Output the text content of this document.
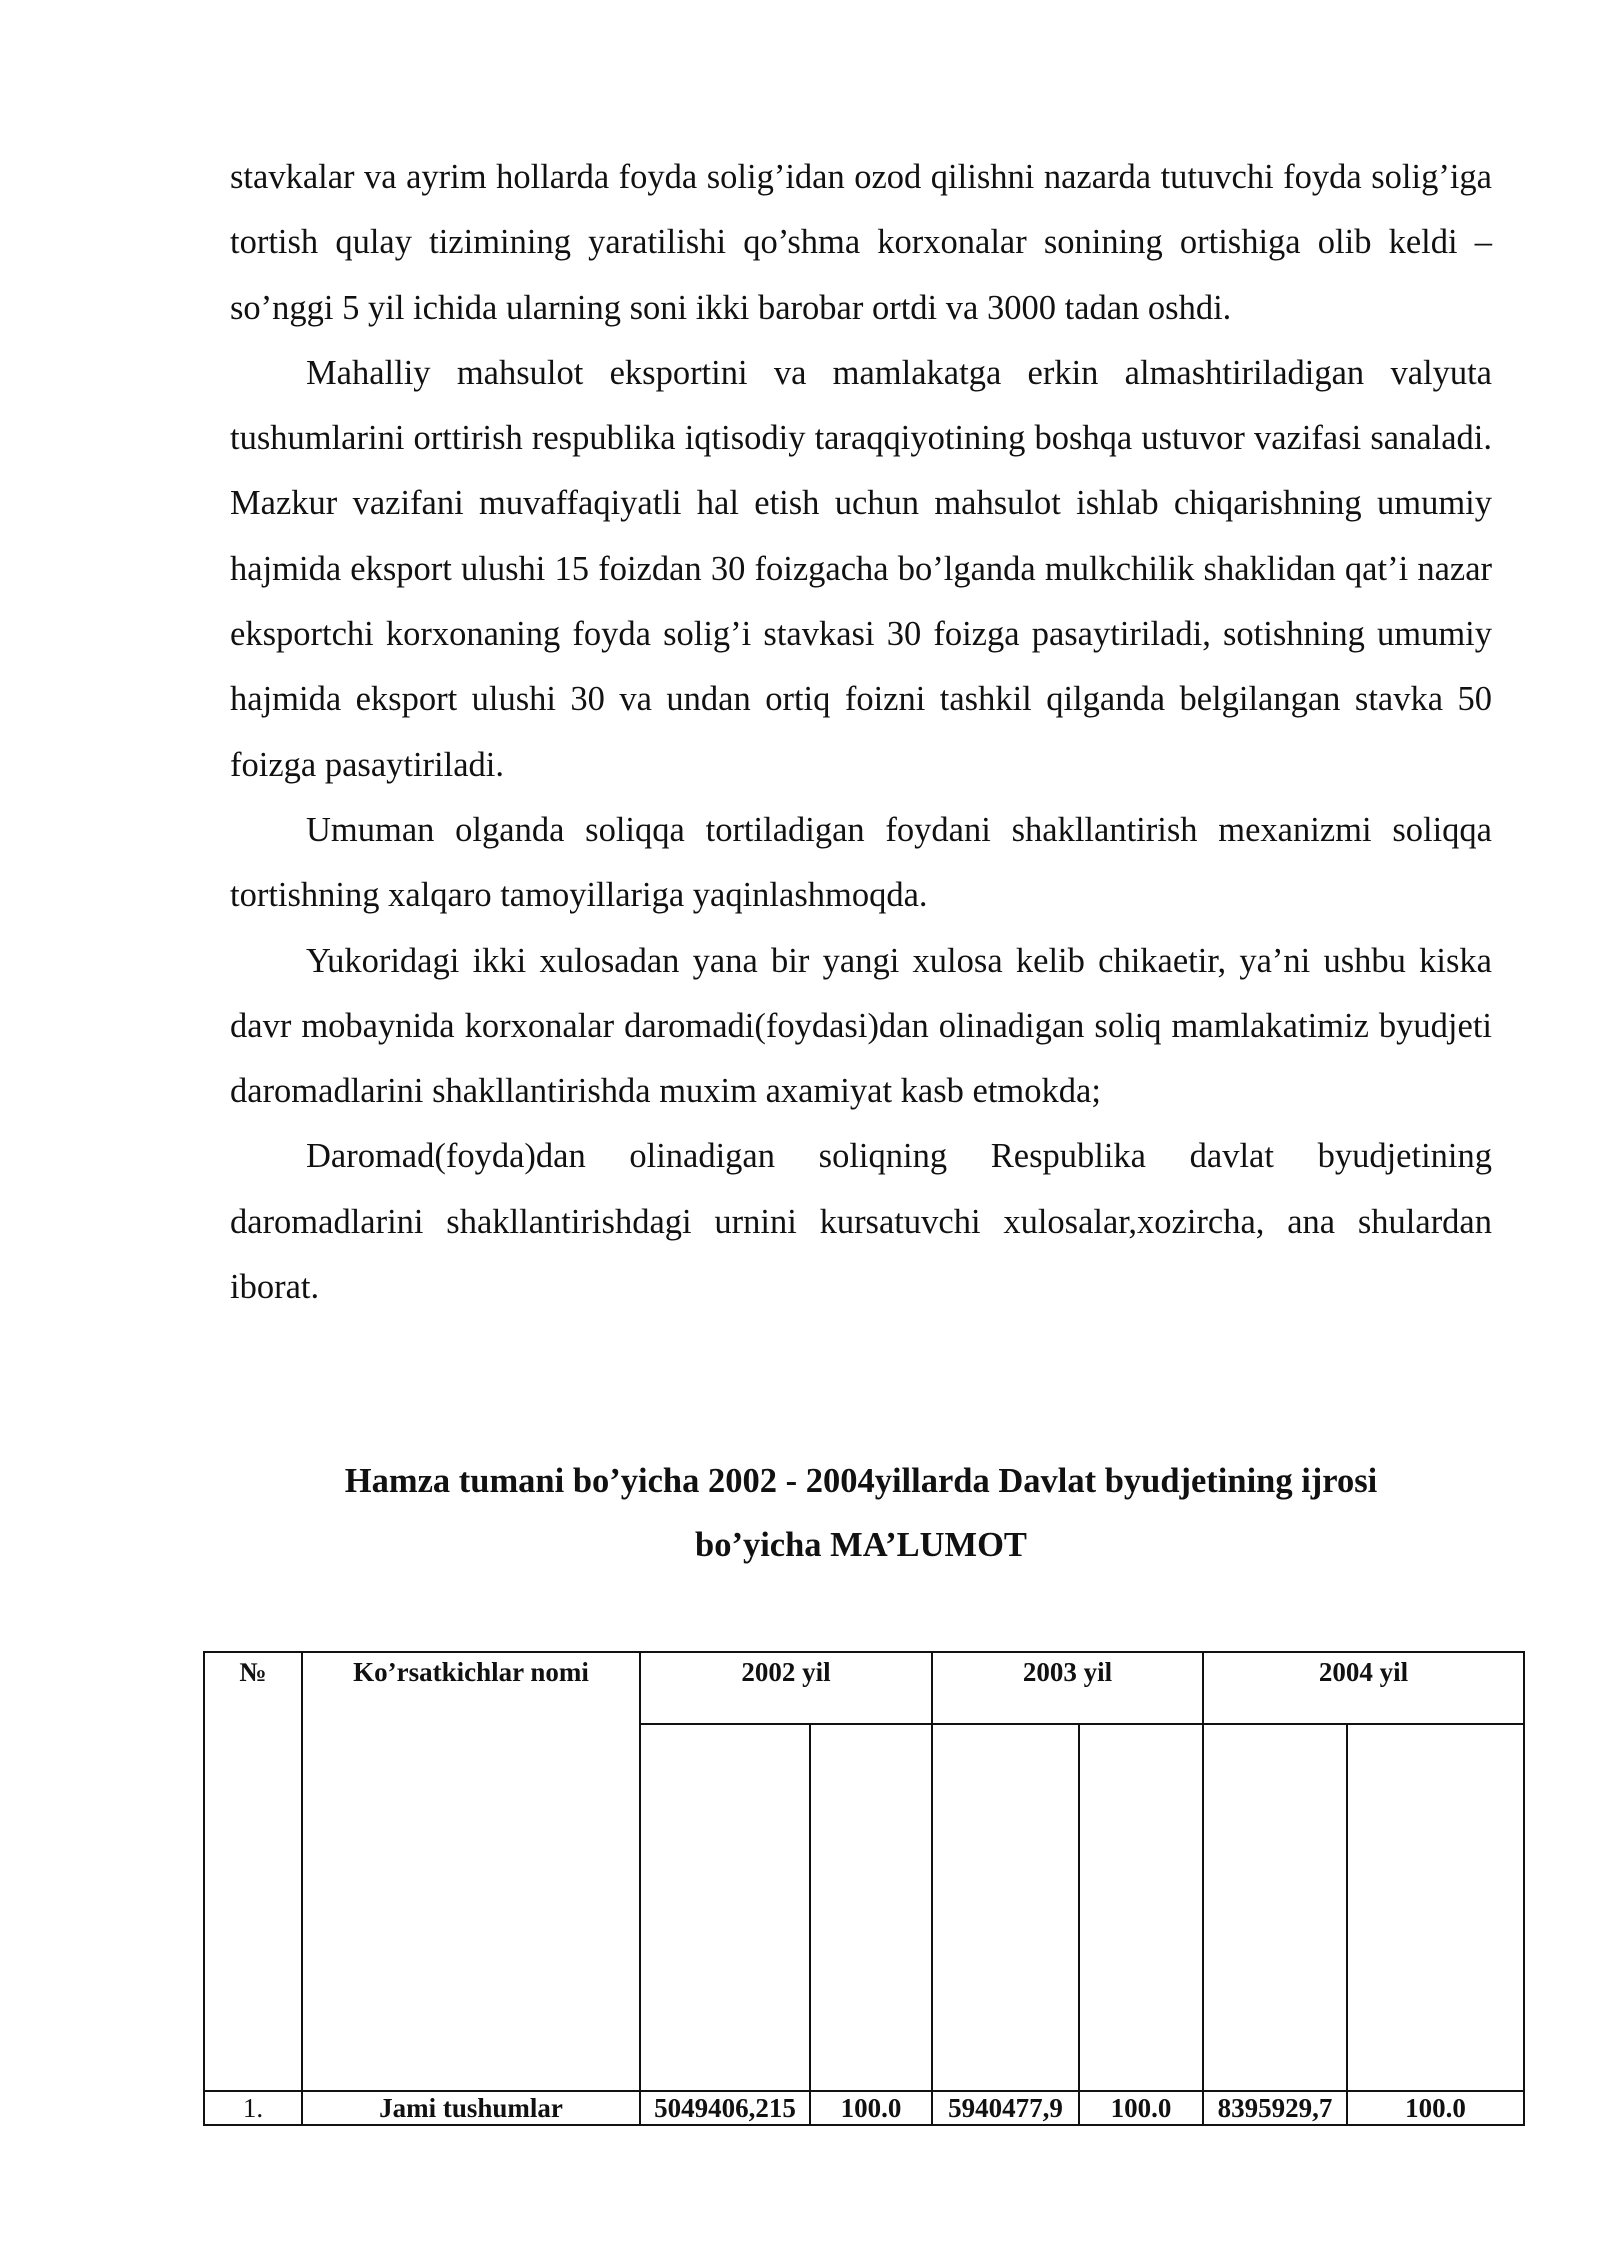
stavkalar va ayrim hollarda foyda solig’idan ozod qilishni nazarda tutuvchi foyda solig’iga tortish qulay tizimining yaratilishi qo’shma korxonalar sonining ortishiga olib keldi – so’nggi 5 yil ichida ularning soni ikki barobar ortdi va 3000 tadan oshdi.

Mahalliy mahsulot eksportini va mamlakatga erkin almashtiriladigan valyuta tushumlarini orttirish respublika iqtisodiy taraqqiyotining boshqa ustuvor vazifasi sanaladi. Mazkur vazifani muvaffaqiyatli hal etish uchun mahsulot ishlab chiqarishning umumiy hajmida eksport ulushi 15 foizdan 30 foizgacha bo’lganda mulkchilik shaklidan qat’i nazar eksportchi korxonaning foyda solig’i stavkasi 30 foizga pasaytiriladi, sotishning umumiy hajmida eksport ulushi 30 va undan ortiq foizni tashkil qilganda belgilangan stavka 50 foizga pasaytiriladi.

Umuman olganda soliqqa tortiladigan foydani shakllantirish mexanizmi soliqqa tortishning xalqaro tamoyillariga yaqinlashmoqda.

Yukoridagi ikki xulosadan yana bir yangi xulosa kelib chikaetir, ya’ni ushbu kiska davr mobaynida korxonalar daromadi(foydasi)dan olinadigan soliq mamlakatimiz byudjeti daromadlarini shakllantirishda muxim axamiyat kasb etmokda;

Daromad(foyda)dan olinadigan soliqning Respublika davlat byudjetining daromadlarini shakllantirishdagi urnini kursatuvchi xulosalar,xozircha, ana shulardan iborat.

Hamza tumani bo’yicha 2002 - 2004yillarda Davlat byudjetining ijrosi
bo’yicha MA’LUMOT
№	Ko’rsatkichlar nomi	2002 yil		2003 yil		2004 yil	

1.	Jami tushumlar	5049406,215	100.0	5940477,9	100.0	8395929,7	100.0
